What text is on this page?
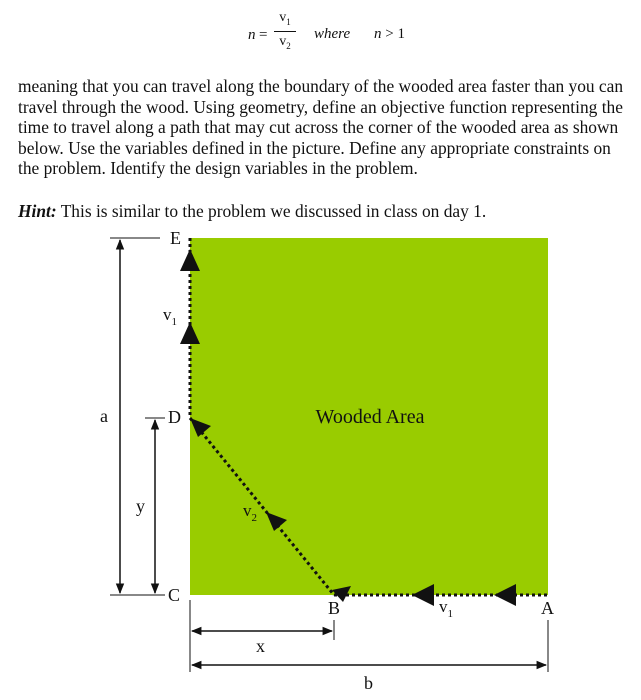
n =
$v_1$
$v_2$
where n > 1
meaning that you can travel along the boundary of the wooded area faster than you can travel through the wood. Using geometry, define an objective function representing the time to travel along a path that may cut across the corner of the wooded area as shown below. Use the variables defined in the picture. Define any appropriate constraints on the problem. Identify the design variables in the problem.
Hint: This is similar to the problem we discussed in class on day 1.
Wooded Area
E
D
C
B	A
$v_1$
$v_2$
$v_1$
a
y
x
b
